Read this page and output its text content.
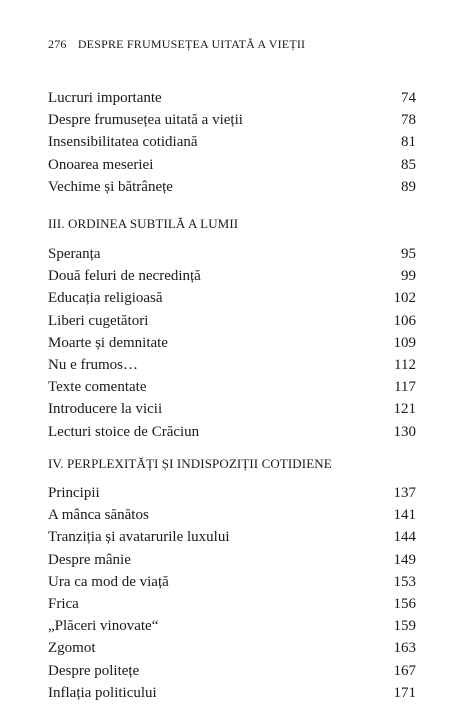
276 DESPRE FRUMUSEȚEA UITATĂ A VIEȚII
Lucruri importante	74
Despre frumusețea uitată a vieții	78
Insensibilitatea cotidiană	81
Onoarea meseriei	85
Vechime și bătrânețe	89
III. ORDINEA SUBTILĂ A LUMII
Speranța	95
Două feluri de necredință	99
Educația religioasă	102
Liberi cugetători	106
Moarte și demnitate	109
Nu e frumos…	112
Texte comentate	117
Introducere la vicii	121
Lecturi stoice de Crăciun	130
IV. PERPLEXITĂȚI ȘI INDISPOZIȚII COTIDIENE
Principii	137
A mânca sănătos	141
Tranziția și avatarurile luxului	144
Despre mânie	149
Ura ca mod de viață	153
Frica	156
„Plăceri vinovate“	159
Zgomot	163
Despre politețe	167
Inflația politicului	171
